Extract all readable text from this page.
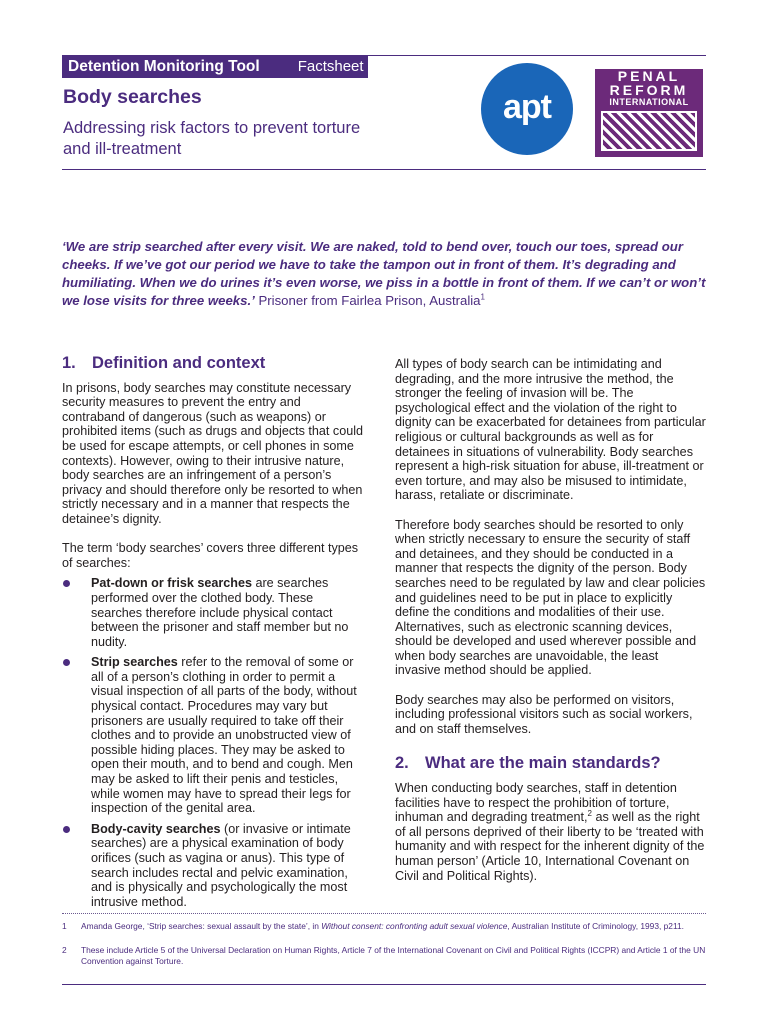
Detention Monitoring Tool	Factsheet
Body searches
Addressing risk factors to prevent torture and ill-treatment
apt
PENAL
REFORM
INTERNATIONAL
‘We are strip searched after every visit. We are naked, told to bend over, touch our toes, spread our cheeks. If we’ve got our period we have to take the tampon out in front of them. It’s degrading and humiliating. When we do urines it’s even worse, we piss in a bottle in front of them. If we can’t or won’t we lose visits for three weeks.’ Prisoner from Fairlea Prison, Australia$^1$
1. Definition and context

In prisons, body searches may constitute necessary security measures to prevent the entry and contraband of dangerous (such as weapons) or prohibited items (such as drugs and objects that could be used for escape attempts, or cell phones in some contexts). However, owing to their intrusive nature, body searches are an infringement of a person’s privacy and should therefore only be resorted to when strictly necessary and in a manner that respects the detainee’s dignity.

The term ‘body searches’ covers three different types of searches:

Pat-down or frisk searches are searches performed over the clothed body. These searches therefore include physical contact between the prisoner and staff member but no nudity.
Strip searches refer to the removal of some or all of a person’s clothing in order to permit a visual inspection of all parts of the body, without physical contact. Procedures may vary but prisoners are usually required to take off their clothes and to provide an unobstructed view of possible hiding places. They may be asked to open their mouth, and to bend and cough. Men may be asked to lift their penis and testicles, while women may have to spread their legs for inspection of the genital area.
Body-cavity searches (or invasive or intimate searches) are a physical examination of body orifices (such as vagina or anus). This type of search includes rectal and pelvic examination, and is physically and psychologically the most intrusive method.

All types of body search can be intimidating and degrading, and the more intrusive the method, the stronger the feeling of invasion will be. The psychological effect and the violation of the right to dignity can be exacerbated for detainees from particular religious or cultural backgrounds as well as for detainees in situations of vulnerability. Body searches represent a high-risk situation for abuse, ill-treatment or even torture, and may also be misused to intimidate, harass, retaliate or discriminate.

Therefore body searches should be resorted to only when strictly necessary to ensure the security of staff and detainees, and they should be conducted in a manner that respects the dignity of the person. Body searches need to be regulated by law and clear policies and guidelines need to be put in place to explicitly define the conditions and modalities of their use. Alternatives, such as electronic scanning devices, should be developed and used wherever possible and when body searches are unavoidable, the least invasive method should be applied.

Body searches may also be performed on visitors, including professional visitors such as social workers, and on staff themselves.

2. What are the main standards?

When conducting body searches, staff in detention facilities have to respect the prohibition of torture, inhuman and degrading treatment,$^2$ as well as the right of all persons deprived of their liberty to be ‘treated with humanity and with respect for the inherent dignity of the human person’ (Article 10, International Covenant on Civil and Political Rights).

1	Amanda George, ‘Strip searches: sexual assault by the state’, in Without consent: confronting adult sexual violence, Australian Institute of Criminology, 1993, p211.
2	These include Article 5 of the Universal Declaration on Human Rights, Article 7 of the International Covenant on Civil and Political Rights (ICCPR) and Article 1 of the UN Convention against Torture.
